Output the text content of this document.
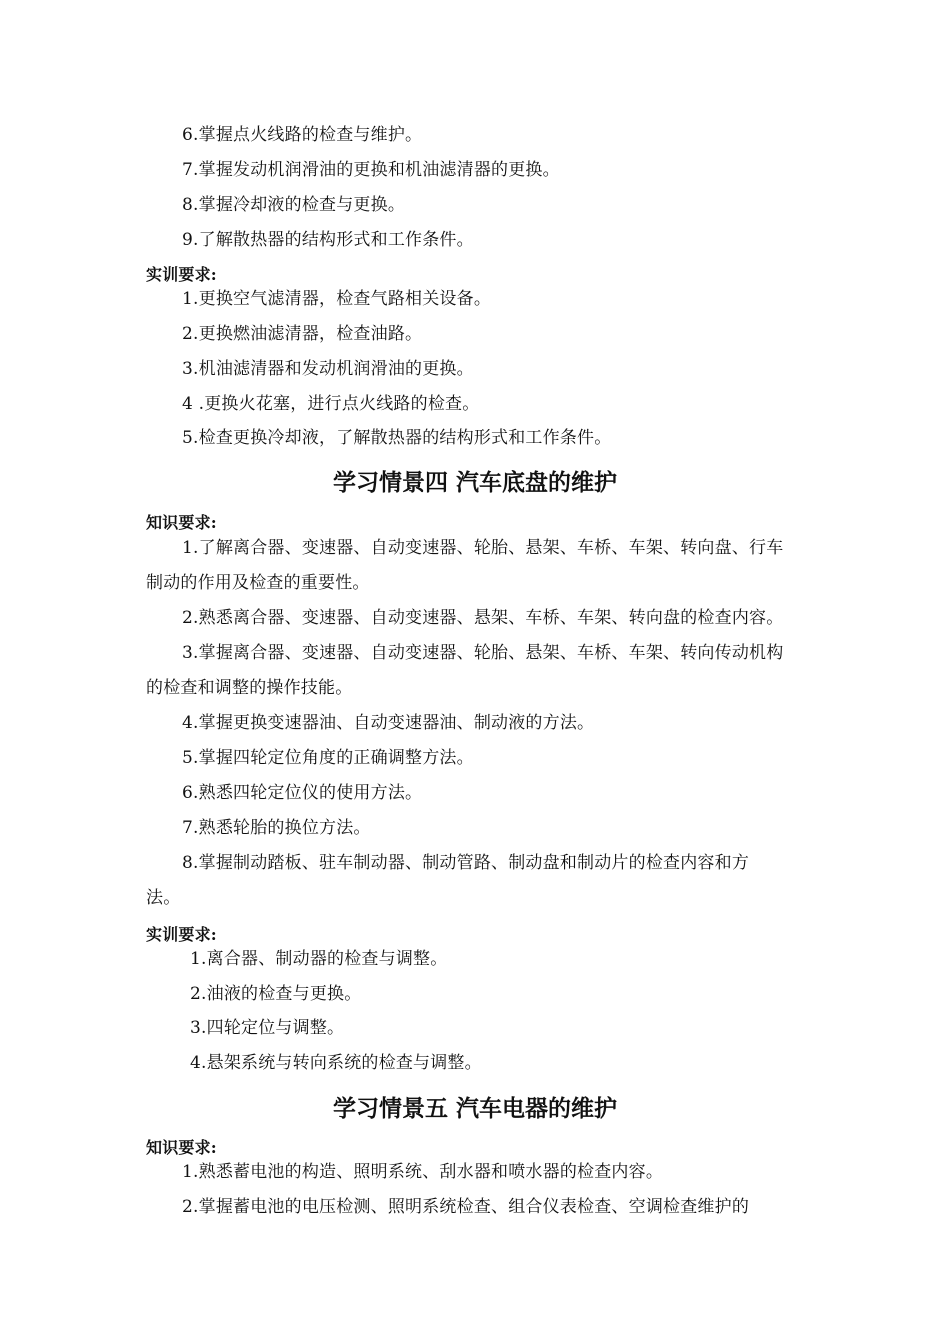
6.掌握点火线路的检查与维护。
7.掌握发动机润滑油的更换和机油滤清器的更换。
8.掌握冷却液的检查与更换。
9.了解散热器的结构形式和工作条件。
实训要求:
1.更换空气滤清器，检查气路相关设备。
2.更换燃油滤清器，检查油路。
3.机油滤清器和发动机润滑油的更换。
4 .更换火花塞，进行点火线路的检查。
5.检查更换冷却液，了解散热器的结构形式和工作条件。
学习情景四 汽车底盘的维护
知识要求:
1.了解离合器、变速器、自动变速器、轮胎、悬架、车桥、车架、转向盘、行车
制动的作用及检查的重要性。
2.熟悉离合器、变速器、自动变速器、悬架、车桥、车架、转向盘的检查内容。
3.掌握离合器、变速器、自动变速器、轮胎、悬架、车桥、车架、转向传动机构
的检查和调整的操作技能。
4.掌握更换变速器油、自动变速器油、制动液的方法。
5.掌握四轮定位角度的正确调整方法。
6.熟悉四轮定位仪的使用方法。
7.熟悉轮胎的换位方法。
8.掌握制动踏板、驻车制动器、制动管路、制动盘和制动片的检查内容和方
法。
实训要求:
1.离合器、制动器的检查与调整。
2.油液的检查与更换。
3.四轮定位与调整。
4.悬架系统与转向系统的检查与调整。
学习情景五 汽车电器的维护
知识要求:
1.熟悉蓄电池的构造、照明系统、刮水器和喷水器的检查内容。
2.掌握蓄电池的电压检测、照明系统检查、组合仪表检查、空调检查维护的
